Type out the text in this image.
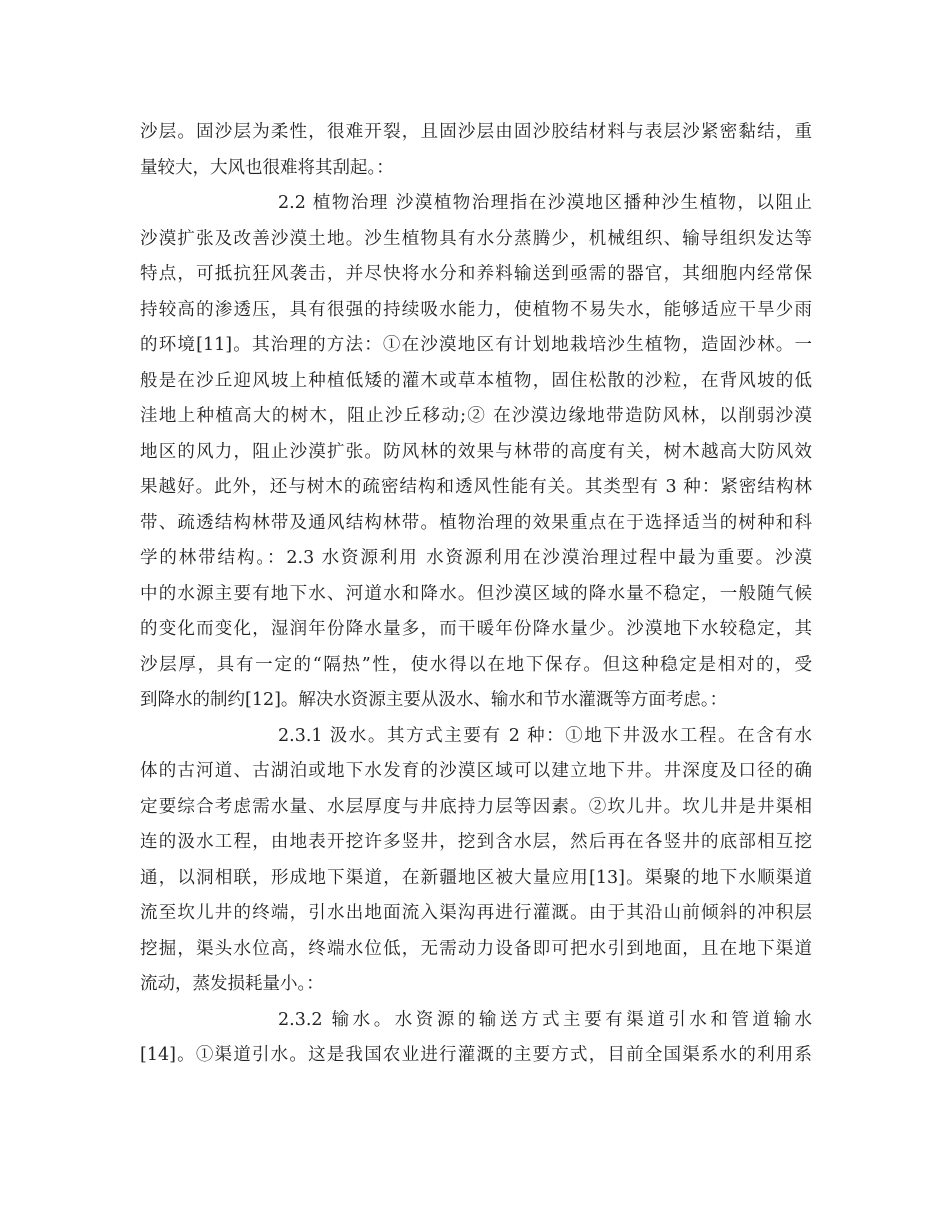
沙层。固沙层为柔性，很难开裂，且固沙层由固沙胶结材料与表层沙紧密黏结，重
量较大，大风也很难将其刮起。：
2.2 植物治理 沙漠植物治理指在沙漠地区播种沙生植物，以阻止
沙漠扩张及改善沙漠土地。沙生植物具有水分蒸腾少，机械组织、输导组织发达等
特点，可抵抗狂风袭击，并尽快将水分和养料输送到亟需的器官，其细胞内经常保
持较高的渗透压，具有很强的持续吸水能力，使植物不易失水，能够适应干旱少雨
的环境[11]。其治理的方法：①在沙漠地区有计划地栽培沙生植物，造固沙林。一
般是在沙丘迎风坡上种植低矮的灌木或草本植物，固住松散的沙粒，在背风坡的低
洼地上种植高大的树木，阻止沙丘移动;② 在沙漠边缘地带造防风林，以削弱沙漠
地区的风力，阻止沙漠扩张。防风林的效果与林带的高度有关，树木越高大防风效
果越好。此外，还与树木的疏密结构和透风性能有关。其类型有 3 种：紧密结构林
带、疏透结构林带及通风结构林带。植物治理的效果重点在于选择适当的树种和科
学的林带结构。：2.3 水资源利用 水资源利用在沙漠治理过程中最为重要。沙漠
中的水源主要有地下水、河道水和降水。但沙漠区域的降水量不稳定，一般随气候
的变化而变化，湿润年份降水量多，而干暖年份降水量少。沙漠地下水较稳定，其
沙层厚，具有一定的“隔热”性，使水得以在地下保存。但这种稳定是相对的，受
到降水的制约[12]。解决水资源主要从汲水、输水和节水灌溉等方面考虑。：
2.3.1 汲水。其方式主要有 2 种：①地下井汲水工程。在含有水
体的古河道、古湖泊或地下水发育的沙漠区域可以建立地下井。井深度及口径的确
定要综合考虑需水量、水层厚度与井底持力层等因素。②坎儿井。坎儿井是井渠相
连的汲水工程，由地表开挖许多竖井，挖到含水层，然后再在各竖井的底部相互挖
通，以洞相联，形成地下渠道，在新疆地区被大量应用[13]。渠聚的地下水顺渠道
流至坎儿井的终端，引水出地面流入渠沟再进行灌溉。由于其沿山前倾斜的冲积层
挖掘，渠头水位高，终端水位低，无需动力设备即可把水引到地面，且在地下渠道
流动，蒸发损耗量小。：
2.3.2 输水。水资源的输送方式主要有渠道引水和管道输水
[14]。①渠道引水。这是我国农业进行灌溉的主要方式，目前全国渠系水的利用系
